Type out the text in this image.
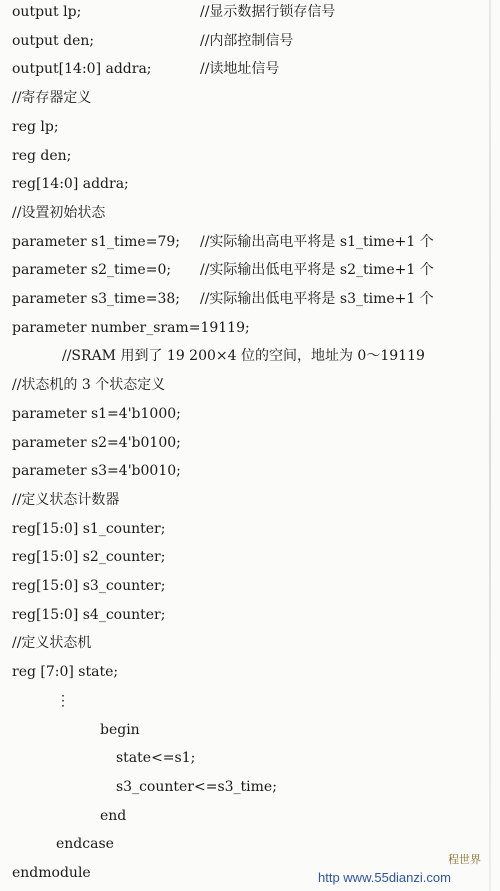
output lp;	//显示数据行锁存信号
output den;	//内部控制信号
output[14:0] addra;	//读地址信号
//寄存器定义
reg lp;
reg den;
reg[14:0] addra;
//设置初始状态
parameter s1_time=79; //实际输出高电平将是 s1_time+1 个
parameter s2_time=0; //实际输出低电平将是 s2_time+1 个
parameter s3_time=38; //实际输出低电平将是 s3_time+1 个
parameter number_sram=19119;
//SRAM 用到了 19 200×4 位的空间，地址为 0～19119
//状态机的 3 个状态定义
parameter s1=4'b1000;
parameter s2=4'b0100;
parameter s3=4'b0010;
//定义状态计数器
reg[15:0] s1_counter;
reg[15:0] s2_counter;
reg[15:0] s3_counter;
reg[15:0] s4_counter;
//定义状态机
reg [7:0] state;
⋮
begin
state<=s1;
s3_counter<=s3_time;
end
endcase
endmodule	http www.55dianzi.com
程世界
